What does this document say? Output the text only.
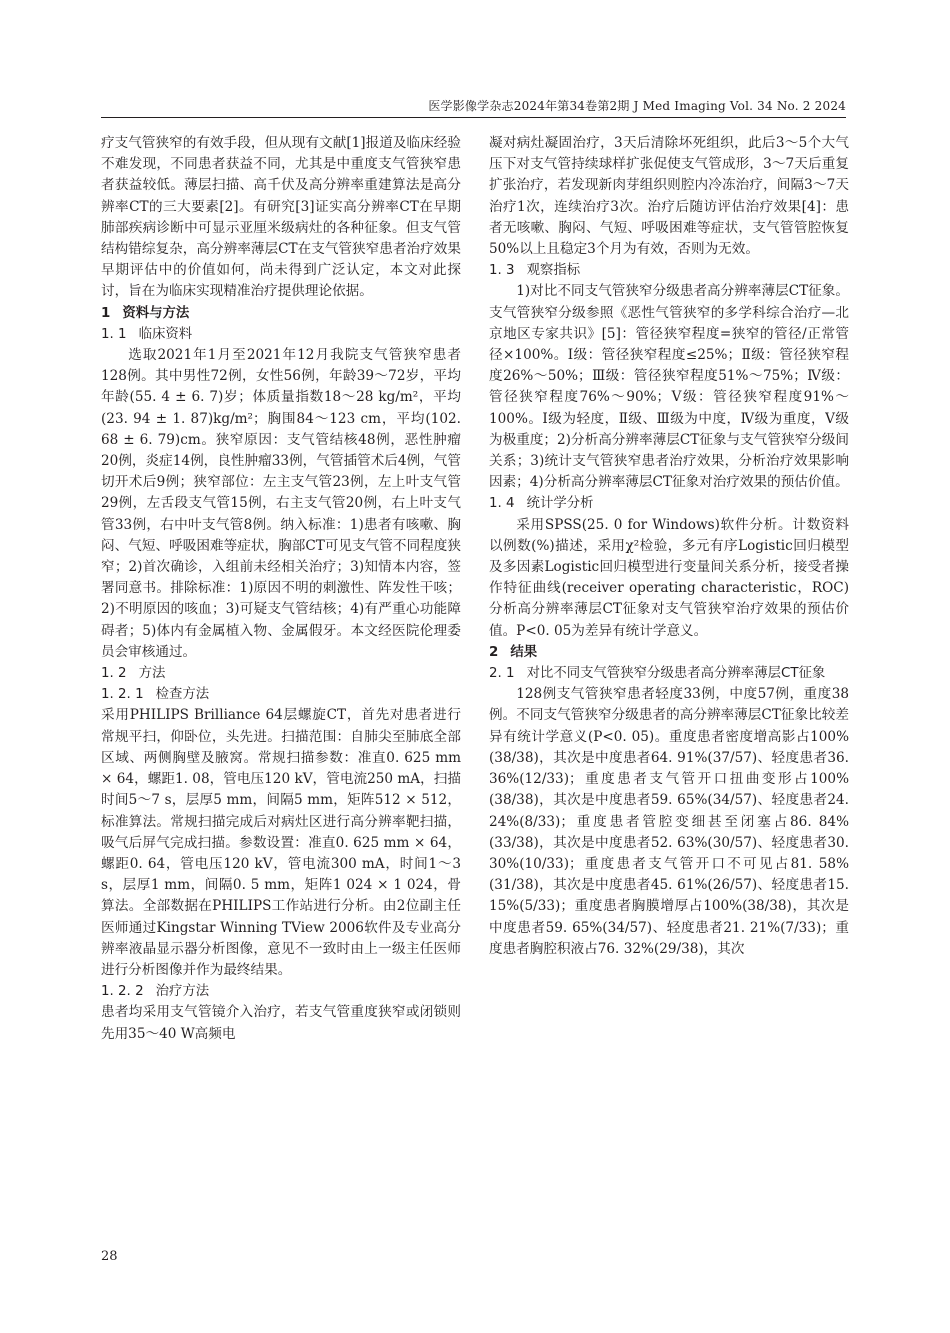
医学影像学杂志2024年第34卷第2期 J Med Imaging Vol. 34 No. 2 2024

疗支气管狭窄的有效手段，但从现有文献[1]报道及临床经验不难发现，不同患者获益不同，尤其是中重度支气管狭窄患者获益较低。薄层扫描、高千伏及高分辨率重建算法是高分辨率CT的三大要素[2]。有研究[3]证实高分辨率CT在早期肺部疾病诊断中可显示亚厘米级病灶的各种征象。但支气管结构错综复杂，高分辨率薄层CT在支气管狭窄患者治疗效果早期评估中的价值如何，尚未得到广泛认定，本文对此探讨，旨在为临床实现精准治疗提供理论依据。

1 资料与方法
1. 1 临床资料

选取2021年1月至2021年12月我院支气管狭窄患者128例。其中男性72例，女性56例，年龄39～72岁，平均年龄(55. 4 ± 6. 7)岁；体质量指数18～28 kg/m²，平均(23. 94 ± 1. 87)kg/m²；胸围84～123 cm，平均(102. 68 ± 6. 79)cm。狭窄原因：支气管结核48例，恶性肿瘤20例，炎症14例，良性肿瘤33例，气管插管术后4例，气管切开术后9例；狭窄部位：左主支气管23例，左上叶支气管29例，左舌段支气管15例，右主支气管20例，右上叶支气管33例，右中叶支气管8例。纳入标准：1)患者有咳嗽、胸闷、气短、呼吸困难等症状，胸部CT可见支气管不同程度狭窄；2)首次确诊，入组前未经相关治疗；3)知情本内容，签署同意书。排除标准：1)原因不明的刺激性、阵发性干咳；2)不明原因的咳血；3)可疑支气管结核；4)有严重心功能障碍者；5)体内有金属植入物、金属假牙。本文经医院伦理委员会审核通过。

1. 2 方法
1. 2. 1 检查方法

采用PHILIPS Brilliance 64层螺旋CT，首先对患者进行常规平扫，仰卧位，头先进。扫描范围：自肺尖至肺底全部区域、两侧胸壁及腋窝。常规扫描参数：准直0. 625 mm × 64，螺距1. 08，管电压120 kV，管电流250 mA，扫描时间5～7 s，层厚5 mm，间隔5 mm，矩阵512 × 512，标准算法。常规扫描完成后对病灶区进行高分辨率靶扫描，吸气后屏气完成扫描。参数设置：准直0. 625 mm × 64，螺距0. 64，管电压120 kV，管电流300 mA，时间1～3 s，层厚1 mm，间隔0. 5 mm，矩阵1 024 × 1 024，骨算法。全部数据在PHILIPS工作站进行分析。由2位副主任医师通过Kingstar Winning TView 2006软件及专业高分辨率液晶显示器分析图像，意见不一致时由上一级主任医师进行分析图像并作为最终结果。

1. 2. 2 治疗方法

患者均采用支气管镜介入治疗，若支气管重度狭窄或闭锁则先用35～40 W高频电

凝对病灶凝固治疗，3天后清除坏死组织，此后3～5个大气压下对支气管持续球样扩张促使支气管成形，3～7天后重复扩张治疗，若发现新肉芽组织则腔内冷冻治疗，间隔3～7天治疗1次，连续治疗3次。治疗后随访评估治疗效果[4]：患者无咳嗽、胸闷、气短、呼吸困难等症状，支气管管腔恢复50%以上且稳定3个月为有效，否则为无效。

1. 3 观察指标

1)对比不同支气管狭窄分级患者高分辨率薄层CT征象。支气管狭窄分级参照《恶性气管狭窄的多学科综合治疗—北京地区专家共识》[5]：管径狭窄程度=狭窄的管径/正常管径×100%。Ⅰ级：管径狭窄程度≤25%；Ⅱ级：管径狭窄程度26%～50%；Ⅲ级：管径狭窄程度51%～75%；Ⅳ级：管径狭窄程度76%～90%；Ⅴ级：管径狭窄程度91%～100%。Ⅰ级为轻度，Ⅱ级、Ⅲ级为中度，Ⅳ级为重度，Ⅴ级为极重度；2)分析高分辨率薄层CT征象与支气管狭窄分级间关系；3)统计支气管狭窄患者治疗效果，分析治疗效果影响因素；4)分析高分辨率薄层CT征象对治疗效果的预估价值。

1. 4 统计学分析

采用SPSS(25. 0 for Windows)软件分析。计数资料以例数(%)描述，采用χ²检验，多元有序Logistic回归模型及多因素Logistic回归模型进行变量间关系分析，接受者操作特征曲线(receiver operating characteristic，ROC)分析高分辨率薄层CT征象对支气管狭窄治疗效果的预估价值。P<0. 05为差异有统计学意义。

2 结果
2. 1 对比不同支气管狭窄分级患者高分辨率薄层CT征象

128例支气管狭窄患者轻度33例，中度57例，重度38例。不同支气管狭窄分级患者的高分辨率薄层CT征象比较差异有统计学意义(P<0. 05)。重度患者密度增高影占100%(38/38)，其次是中度患者64. 91%(37/57)、轻度患者36. 36%(12/33)；重度患者支气管开口扭曲变形占100%(38/38)，其次是中度患者59. 65%(34/57)、轻度患者24. 24%(8/33)；重度患者管腔变细甚至闭塞占86. 84%(33/38)，其次是中度患者52. 63%(30/57)、轻度患者30. 30%(10/33)；重度患者支气管开口不可见占81. 58%(31/38)，其次是中度患者45. 61%(26/57)、轻度患者15. 15%(5/33)；重度患者胸膜增厚占100%(38/38)，其次是中度患者59. 65%(34/57)、轻度患者21. 21%(7/33)；重度患者胸腔积液占76. 32%(29/38)，其次

28
